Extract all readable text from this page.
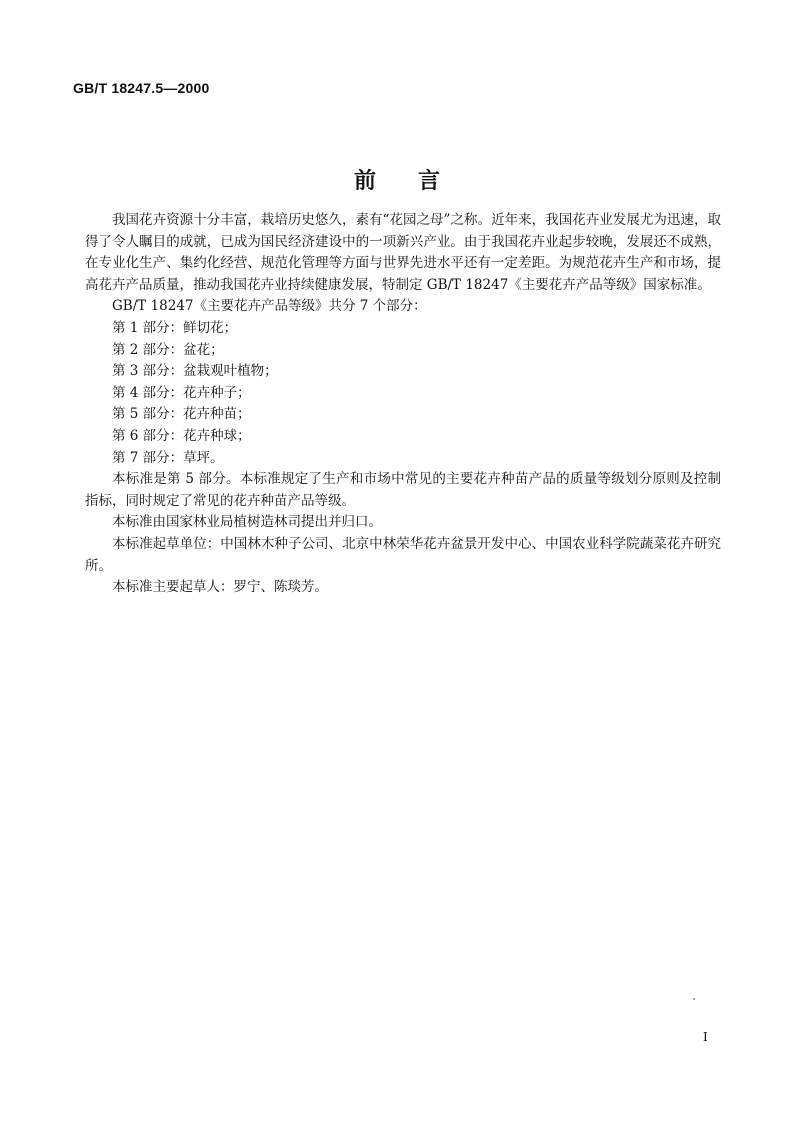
GB/T 18247.5—2000
前言

我国花卉资源十分丰富，栽培历史悠久，素有“花园之母”之称。近年来，我国花卉业发展尤为迅速，取得了令人瞩目的成就，已成为国民经济建设中的一项新兴产业。由于我国花卉业起步较晚，发展还不成熟，在专业化生产、集约化经营、规范化管理等方面与世界先进水平还有一定差距。为规范花卉生产和市场，提高花卉产品质量，推动我国花卉业持续健康发展，特制定 GB/T 18247《主要花卉产品等级》国家标准。

GB/T 18247《主要花卉产品等级》共分 7 个部分：

第 1 部分：鲜切花；

第 2 部分：盆花；

第 3 部分：盆栽观叶植物；

第 4 部分：花卉种子；

第 5 部分：花卉种苗；

第 6 部分：花卉种球；

第 7 部分：草坪。

本标准是第 5 部分。本标准规定了生产和市场中常见的主要花卉种苗产品的质量等级划分原则及控制指标，同时规定了常见的花卉种苗产品等级。

本标准由国家林业局植树造林司提出并归口。

本标准起草单位：中国林木种子公司、北京中林荣华花卉盆景开发中心、中国农业科学院蔬菜花卉研究所。

本标准主要起草人：罗宁、陈琰芳。

I
